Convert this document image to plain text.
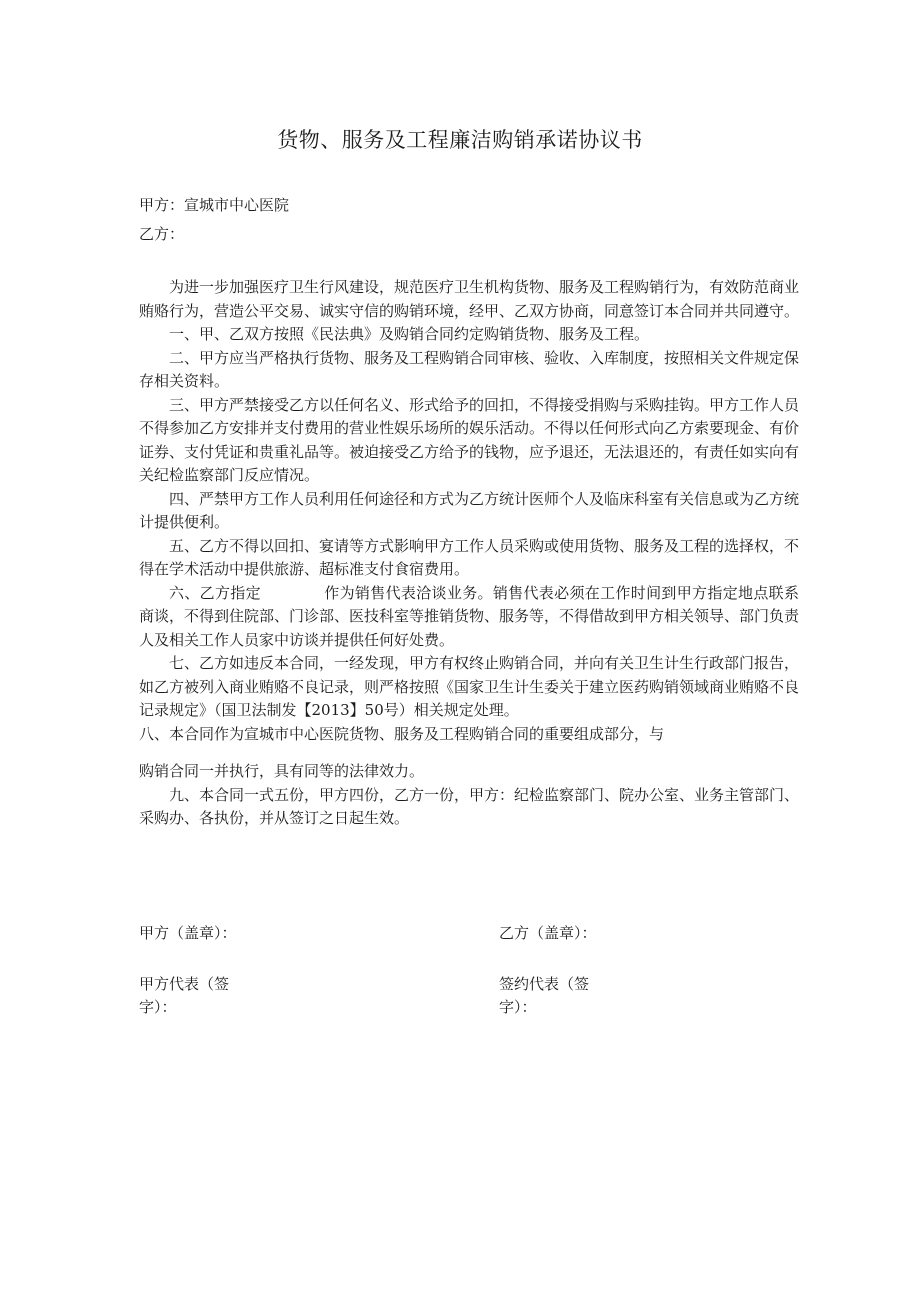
货物、服务及工程廉洁购销承诺协议书
甲方：宣城市中心医院
乙方：

为进一步加强医疗卫生行风建设，规范医疗卫生机构货物、服务及工程购销行为，有效防范商业贿赂行为，营造公平交易、诚实守信的购销环境，经甲、乙双方协商，同意签订本合同并共同遵守。

一、甲、乙双方按照《民法典》及购销合同约定购销货物、服务及工程。

二、甲方应当严格执行货物、服务及工程购销合同审核、验收、入库制度，按照相关文件规定保存相关资料。

三、甲方严禁接受乙方以任何名义、形式给予的回扣，不得接受捐购与采购挂钩。甲方工作人员不得参加乙方安排并支付费用的营业性娱乐场所的娱乐活动。不得以任何形式向乙方索要现金、有价证券、支付凭证和贵重礼品等。被迫接受乙方给予的钱物，应予退还，无法退还的，有责任如实向有关纪检监察部门反应情况。

四、严禁甲方工作人员利用任何途径和方式为乙方统计医师个人及临床科室有关信息或为乙方统计提供便利。

五、乙方不得以回扣、宴请等方式影响甲方工作人员采购或使用货物、服务及工程的选择权，不得在学术活动中提供旅游、超标准支付食宿费用。

六、乙方指定	作为销售代表洽谈业务。销售代表必须在工作时间到甲方指定地点联系商谈，不得到住院部、门诊部、医技科室等推销货物、服务等，不得借故到甲方相关领导、部门负责人及相关工作人员家中访谈并提供任何好处费。

七、乙方如违反本合同，一经发现，甲方有权终止购销合同，并向有关卫生计生行政部门报告，如乙方被列入商业贿赂不良记录，则严格按照《国家卫生计生委关于建立医药购销领域商业贿赂不良记录规定》（国卫法制发【2013】50号）相关规定处理。

八、本合同作为宣城市中心医院货物、服务及工程购销合同的重要组成部分，与

购销合同一并执行，具有同等的法律效力。

九、本合同一式五份，甲方四份，乙方一份，甲方：纪检监察部门、院办公室、业务主管部门、采购办、各执份，并从签订之日起生效。

甲方（盖章）：	乙方（盖章）：
甲方代表（签字）：
签约代表（签字）：
